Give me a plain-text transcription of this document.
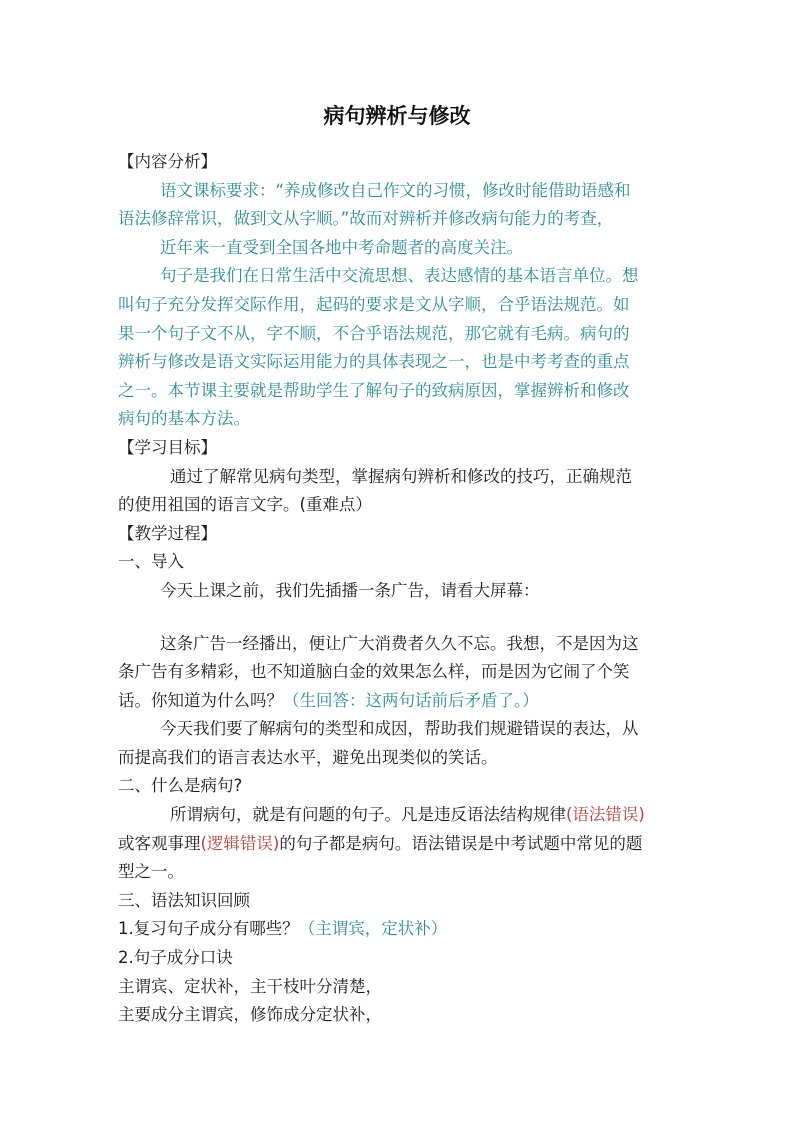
病句辨析与修改
【内容分析】
语文课标要求：“养成修改自己作文的习惯，修改时能借助语感和
语法修辞常识，做到文从字顺。”故而对辨析并修改病句能力的考查，
近年来一直受到全国各地中考命题者的高度关注。
句子是我们在日常生活中交流思想、表达感情的基本语言单位。想
叫句子充分发挥交际作用，起码的要求是文从字顺，合乎语法规范。如
果一个句子文不从，字不顺，不合乎语法规范，那它就有毛病。病句的
辨析与修改是语文实际运用能力的具体表现之一，也是中考考查的重点
之一。本节课主要就是帮助学生了解句子的致病原因，掌握辨析和修改
病句的基本方法。
【学习目标】
通过了解常见病句类型，掌握病句辨析和修改的技巧，正确规范
的使用祖国的语言文字。(重难点）
【教学过程】
一、导入
今天上课之前，我们先插播一条广告，请看大屏幕：
这条广告一经播出，便让广大消费者久久不忘。我想，不是因为这
条广告有多精彩，也不知道脑白金的效果怎么样，而是因为它闹了个笑
话。你知道为什么吗？（生回答：这两句话前后矛盾了。）
今天我们要了解病句的类型和成因，帮助我们规避错误的表达，从
而提高我们的语言表达水平，避免出现类似的笑话。
二、什么是病句?
所谓病句，就是有问题的句子。凡是违反语法结构规律(语法错误)
或客观事理(逻辑错误)的句子都是病句。语法错误是中考试题中常见的题
型之一。
三、语法知识回顾
1.复习句子成分有哪些？（主谓宾，定状补）
2.句子成分口诀
主谓宾、定状补，主干枝叶分清楚，
主要成分主谓宾，修饰成分定状补，
